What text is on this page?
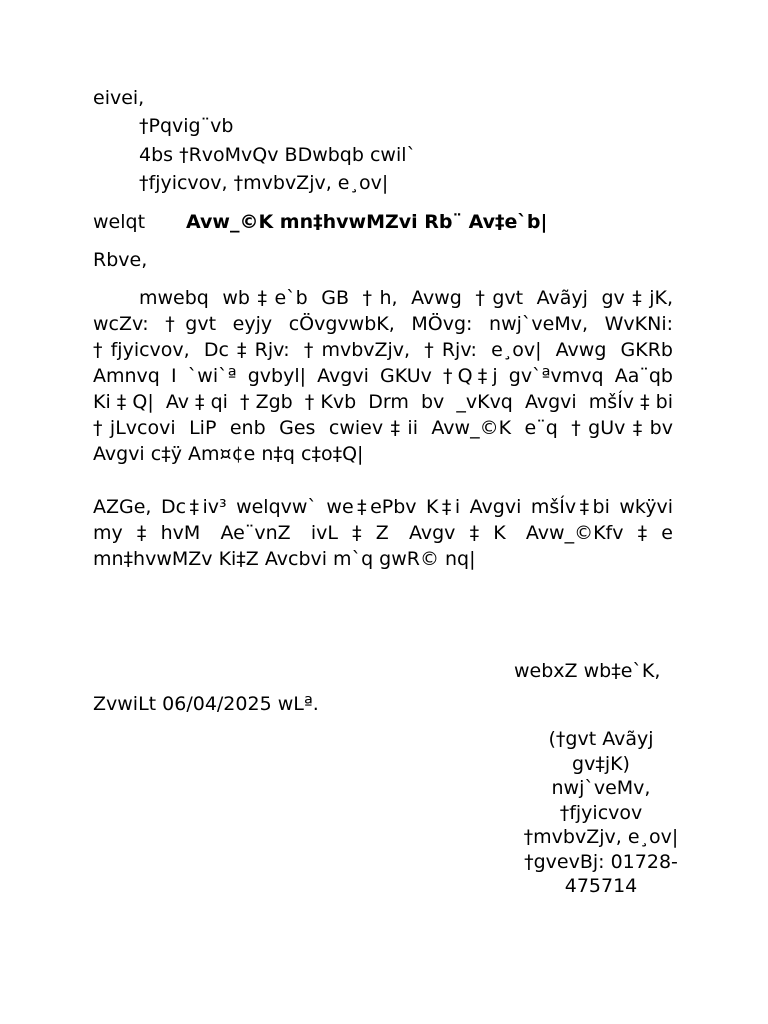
eivei,
†Pqvig¨vb
4bs †RvoMvQv BDwbqb cwil`
†fjyicvov, †mvbvZjv, e¸ov|
welqt Avw_©K mn‡hvwMZvi Rb¨ Av‡e`b|
Rbve,
mwebq wb‡e`b GB †h, Avwg †gvt Avãyj gv‡jK,
wcZv: †gvt eyjy cÖvgvwbK, MÖvg: nwj`veMv, WvKNi:
†fjyicvov, Dc‡Rjv: †mvbvZjv, †Rjv: e¸ov| Avwg GKRb
Amnvq I `wi`ª gvbyl| Avgvi GKUv †Q‡j gv`ªvmvq Aa¨qb
Ki‡Q| Av‡qi †Zgb †Kvb Drm bv _vKvq Avgvi mšÍv‡bi
†jLvcovi LiP enb Ges cwiev‡ii Avw_©K e¨q †gUv‡bv
Avgvi c‡ÿ Am¤¢e n‡q c‡o‡Q|
AZGe, Dc‡iv³ welqvw` we‡ePbv K‡i Avgvi mšÍv‡bi wkÿvi
my‡hvM Ae¨vnZ ivL‡Z Avgv‡K Avw_©Kfv‡e
mn‡hvwMZv Ki‡Z Avcbvi m`q gwR© nq|
webxZ wb‡e`K,
ZvwiLt 06/04/2025 wLª.
(†gvt Avãyj
gv‡jK)
nwj`veMv,
†fjyicvov
†mvbvZjv, e¸ov|
†gvevBj: 01728-
475714
